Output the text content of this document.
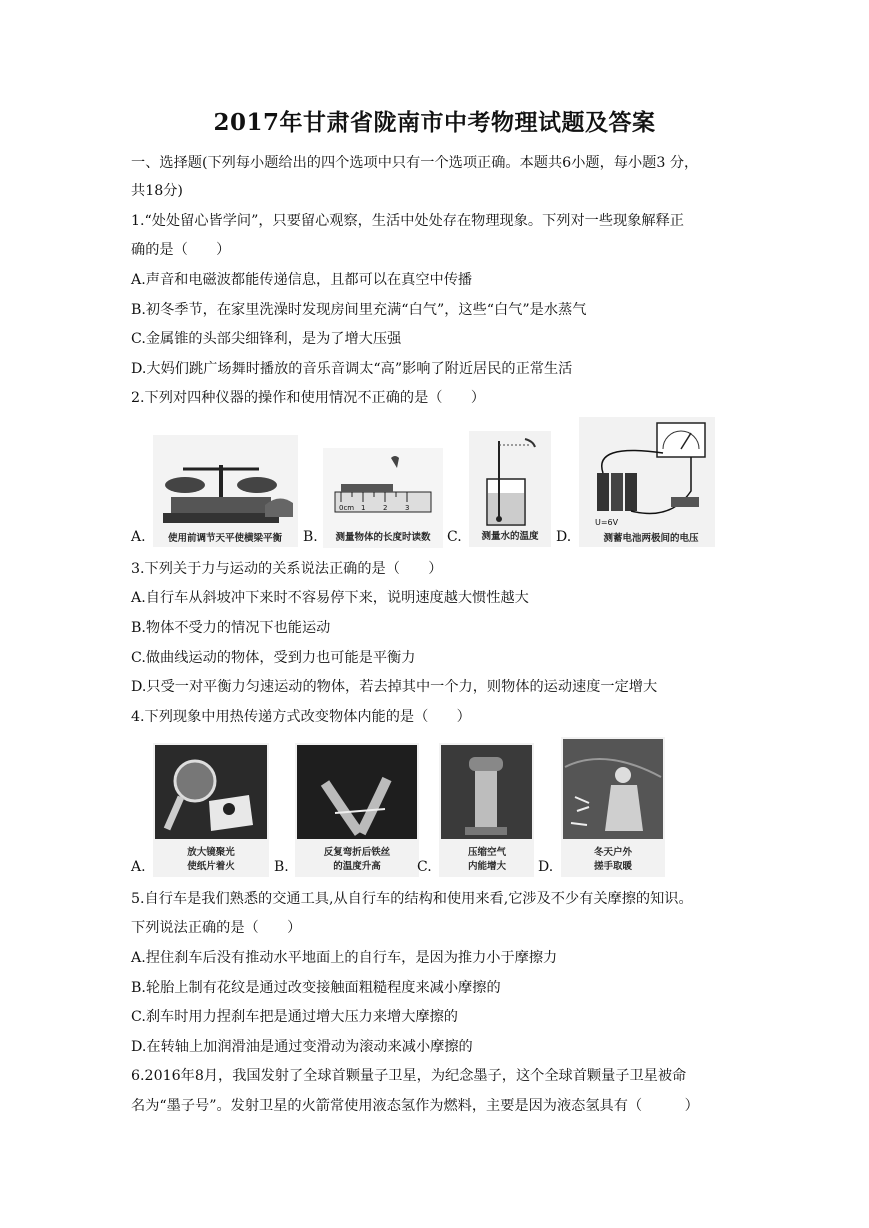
2017年甘肃省陇南市中考物理试题及答案
一、选择题(下列每小题给出的四个选项中只有一个选项正确。本题共6小题，每小题3 分，
共18分)
1.“处处留心皆学问”，只要留心观察，生活中处处存在物理现象。下列对一些现象解释正
确的是（　　）
A.声音和电磁波都能传递信息，且都可以在真空中传播
B.初冬季节，在家里洗澡时发现房间里充满“白气”，这些“白气”是水蒸气
C.金属锥的头部尖细锋利，是为了增大压强
D.大妈们跳广场舞时播放的音乐音调太“高”影响了附近居民的正常生活
2.下列对四种仪器的操作和使用情况不正确的是（　　）
A. 使用前调节天平使横梁平衡 B.
0cm 1	2	3
测量物体的长度时读数 C. 测量水的温度 D.
U=6V
测蓄电池两极间的电压
3.下列关于力与运动的关系说法正确的是（　　）
A.自行车从斜坡冲下来时不容易停下来，说明速度越大惯性越大
B.物体不受力的情况下也能运动
C.做曲线运动的物体，受到力也可能是平衡力
D.只受一对平衡力匀速运动的物体，若去掉其中一个力，则物体的运动速度一定增大
4.下列现象中用热传递方式改变物体内能的是（　　）
A.
放大镜聚光
使纸片着火	B.
反复弯折后铁丝
的温度升高	C.
压缩空气
内能增大 D.
冬天户外
搓手取暖
5.自行车是我们熟悉的交通工具,从自行车的结构和使用来看,它涉及不少有关摩擦的知识。
下列说法正确的是（　　）
A.捏住刹车后没有推动水平地面上的自行车，是因为推力小于摩擦力
B.轮胎上制有花纹是通过改变接触面粗糙程度来减小摩擦的
C.刹车时用力捏刹车把是通过增大压力来增大摩擦的
D.在转轴上加润滑油是通过变滑动为滚动来减小摩擦的
6.2016年8月，我国发射了全球首颗量子卫星，为纪念墨子，这个全球首颗量子卫星被命
名为“墨子号”。发射卫星的火箭常使用液态氢作为燃料，主要是因为液态氢具有（　　　）
